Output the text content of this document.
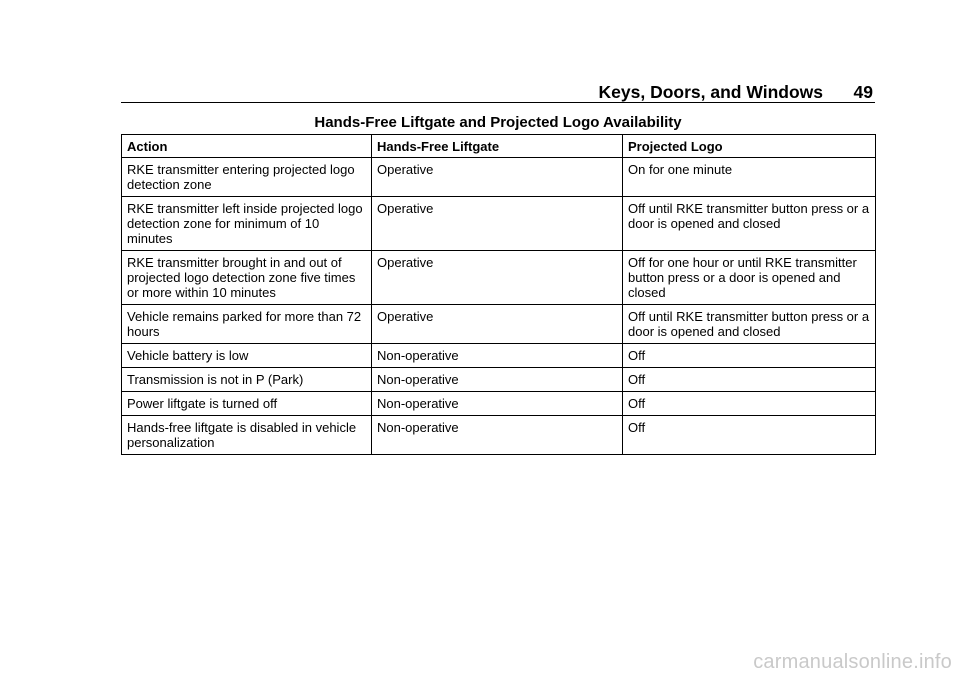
Keys, Doors, and Windows 49
Hands-Free Liftgate and Projected Logo Availability
Action	Hands-Free Liftgate	Projected Logo
RKE transmitter entering projected logo detection zone	Operative	On for one minute
RKE transmitter left inside projected logo detection zone for minimum of 10 minutes	Operative	Off until RKE transmitter button press or a door is opened and closed
RKE transmitter brought in and out of projected logo detection zone five times or more within 10 minutes	Operative	Off for one hour or until RKE transmitter button press or a door is opened and closed
Vehicle remains parked for more than 72 hours	Operative	Off until RKE transmitter button press or a door is opened and closed
Vehicle battery is low	Non-operative	Off
Transmission is not in P (Park)	Non-operative	Off
Power liftgate is turned off	Non-operative	Off
Hands-free liftgate is disabled in vehicle personalization	Non-operative	Off
carmanualsonline.info
